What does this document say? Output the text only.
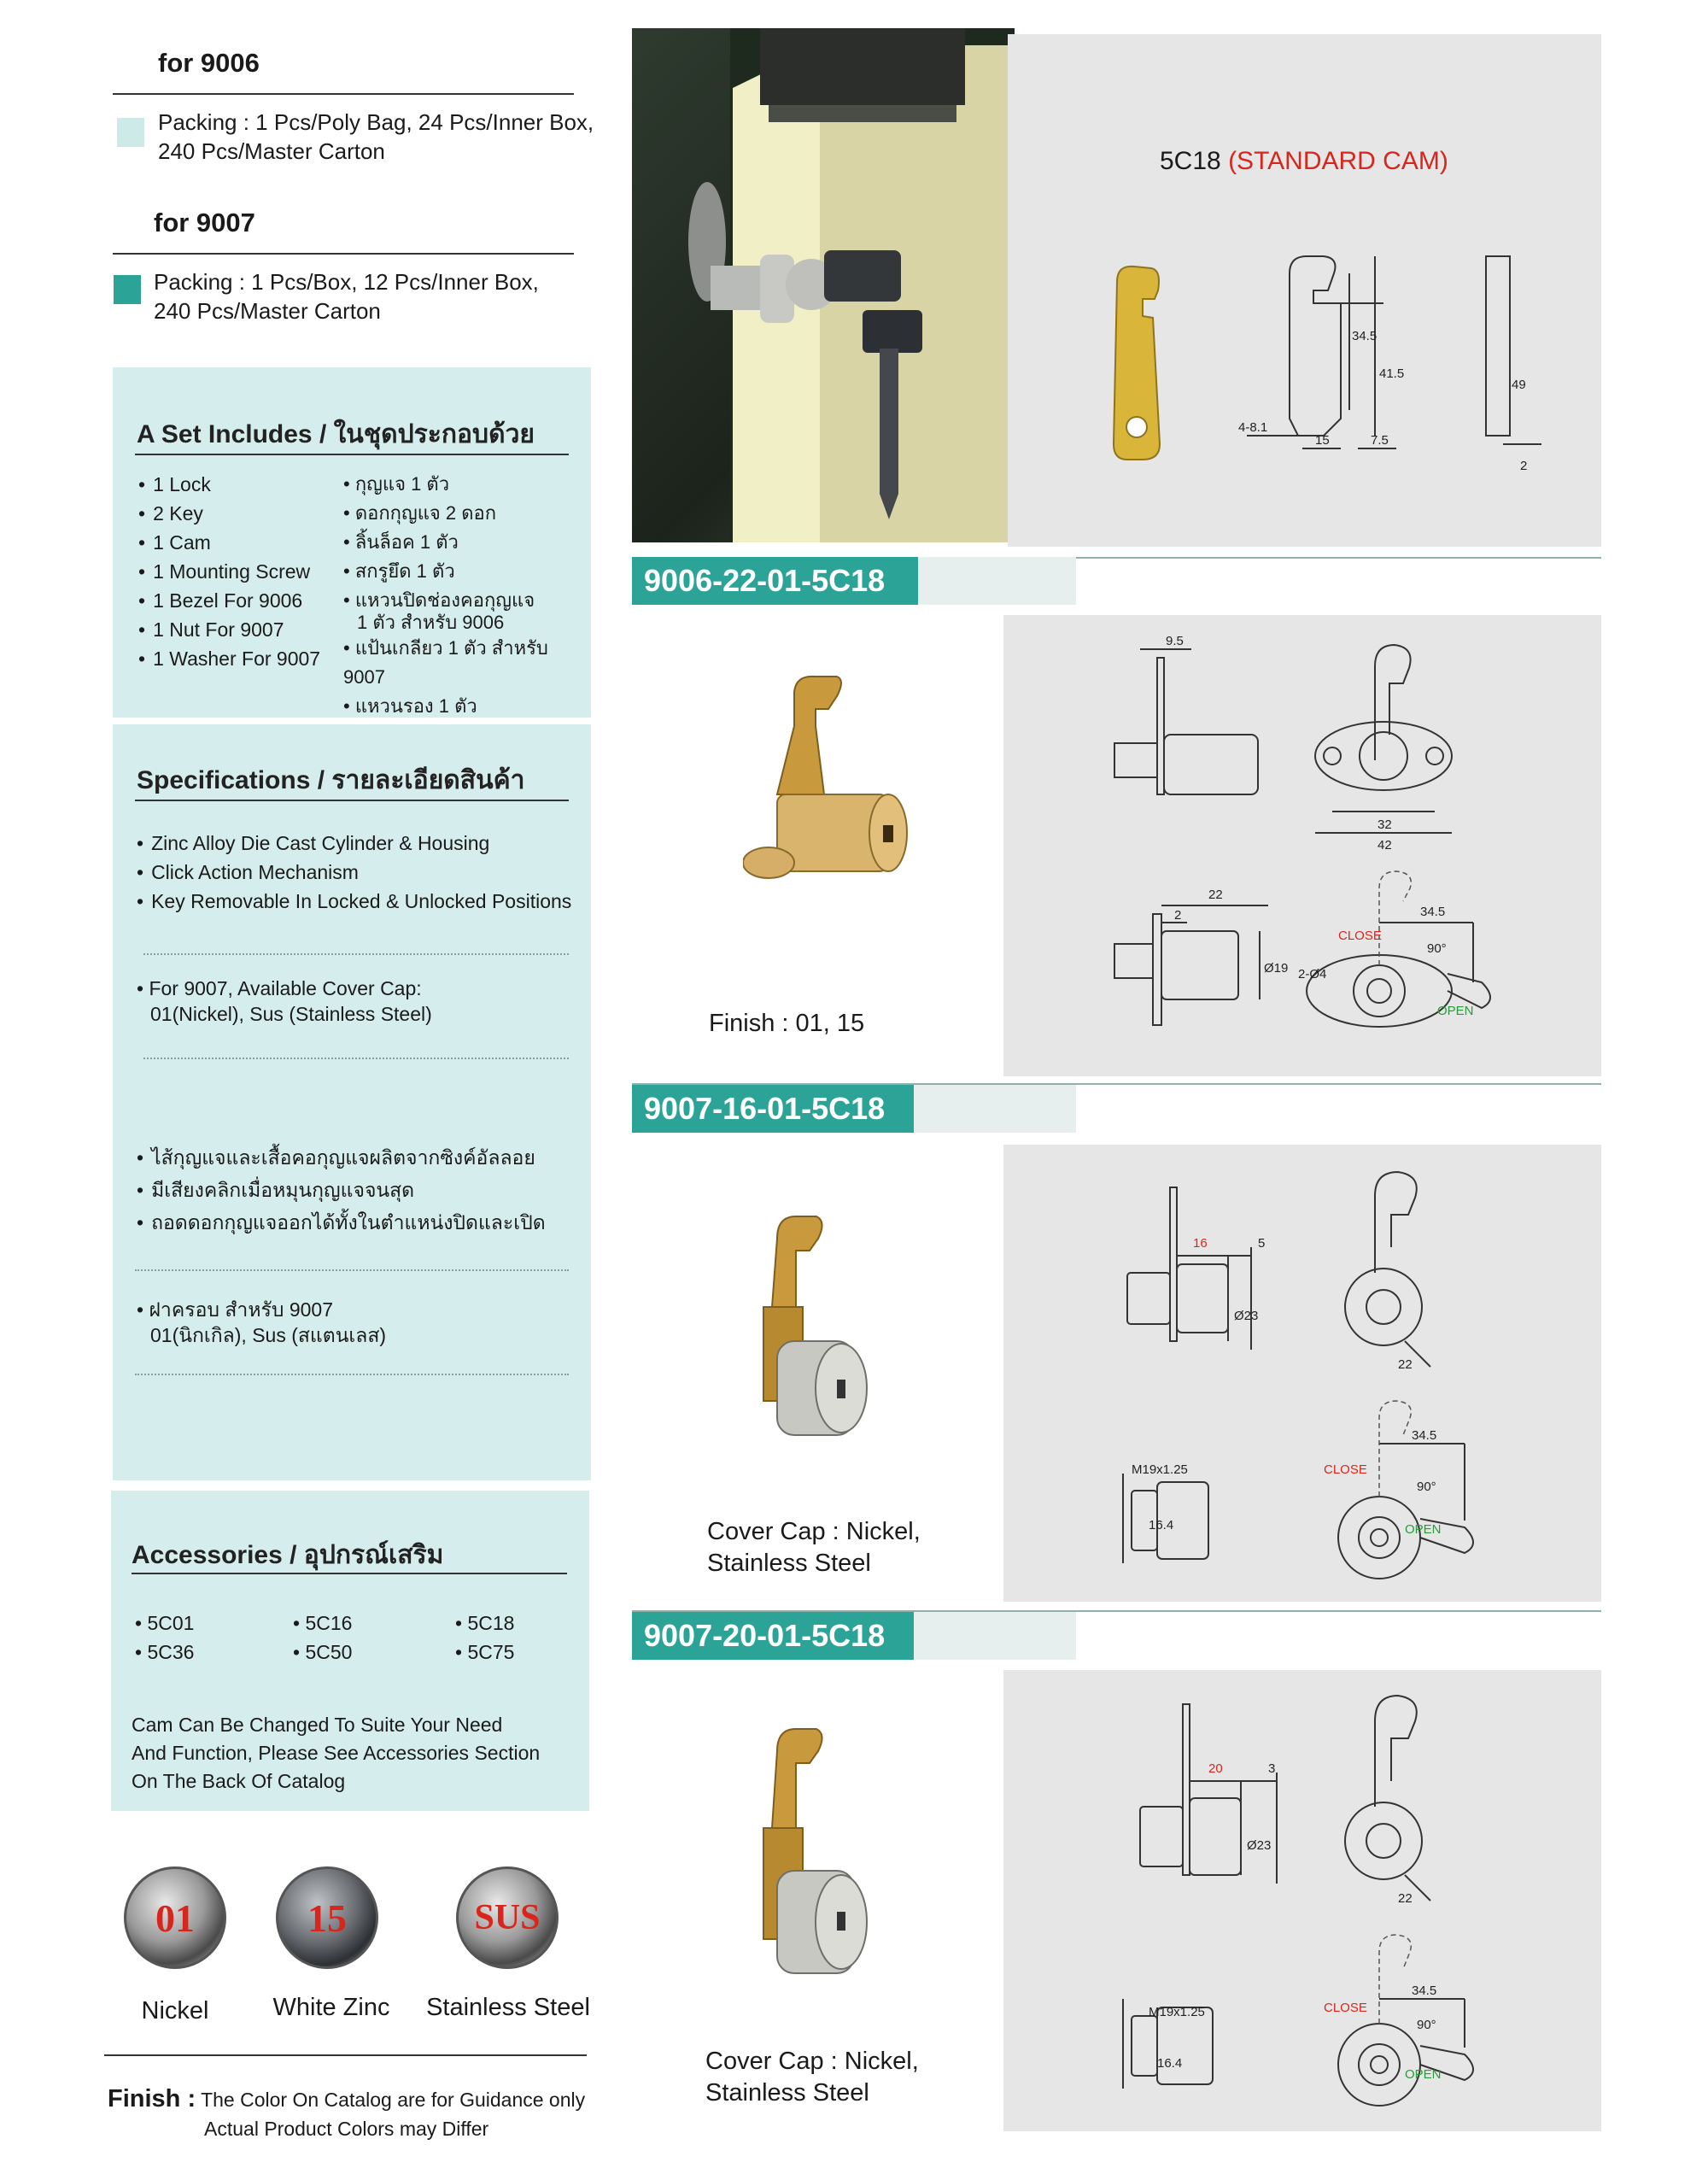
for 9006
Packing : 1 Pcs/Poly Bag, 24 Pcs/Inner Box,
240 Pcs/Master Carton
for 9007
Packing : 1 Pcs/Box, 12 Pcs/Inner Box,
240 Pcs/Master Carton
A Set Includes / ในชุดประกอบด้วย
• 1 Lock
• 2 Key
• 1 Cam
• 1 Mounting Screw
• 1 Bezel For 9006
• 1 Nut For 9007
• 1 Washer For 9007
• กุญแจ 1 ตัว
• ดอกกุญแจ 2 ดอก
• ลิ้นล็อค 1 ตัว
• สกรูยึด 1 ตัว
• แหวนปิดช่องคอกุญแจ
1 ตัว สำหรับ 9006
• แป้นเกลียว 1 ตัว สำหรับ 9007
• แหวนรอง 1 ตัว
Specifications / รายละเอียดสินค้า
• Zinc Alloy Die Cast Cylinder & Housing
• Click Action Mechanism
• Key Removable In Locked & Unlocked Positions
• For 9007, Available Cover Cap:
01(Nickel), Sus (Stainless Steel)
• ไส้กุญแจและเสื้อคอกุญแจผลิตจากซิงค์อัลลอย
• มีเสียงคลิกเมื่อหมุนกุญแจจนสุด
• ถอดดอกกุญแจออกได้ทั้งในตำแหน่งปิดและเปิด
• ฝาครอบ สำหรับ 9007
01(นิกเกิล), Sus (สแตนเลส)
Accessories / อุปกรณ์เสริม
• 5C01	• 5C16	• 5C18
• 5C36	• 5C50	• 5C75
Cam Can Be Changed To Suite Your Need
And Function, Please See Accessories Section
On The Back Of Catalog
01	15	SUS
Nickel	White Zinc	Stainless Steel
Finish : The Color On Catalog are for Guidance only
Actual Product Colors may Differ
5C18 (STANDARD CAM)
34.5
41.5
49
4-8.1
15	7.5
2
9006-22-01-5C18
Finish : 01, 15
9.5
32
42
22
2
Ø19 2-Ø4
34.5
90°
CLOSE
OPEN
9007-16-01-5C18
Cover Cap : Nickel,
Stainless Steel
16	5
Ø23
22
M19x1.25
16.4
34.5
90°
CLOSE
OPEN
9007-20-01-5C18
Cover Cap : Nickel,
Stainless Steel
20	3
Ø23
22
M19x1.25
16.4
34.5
90°
CLOSE
OPEN
